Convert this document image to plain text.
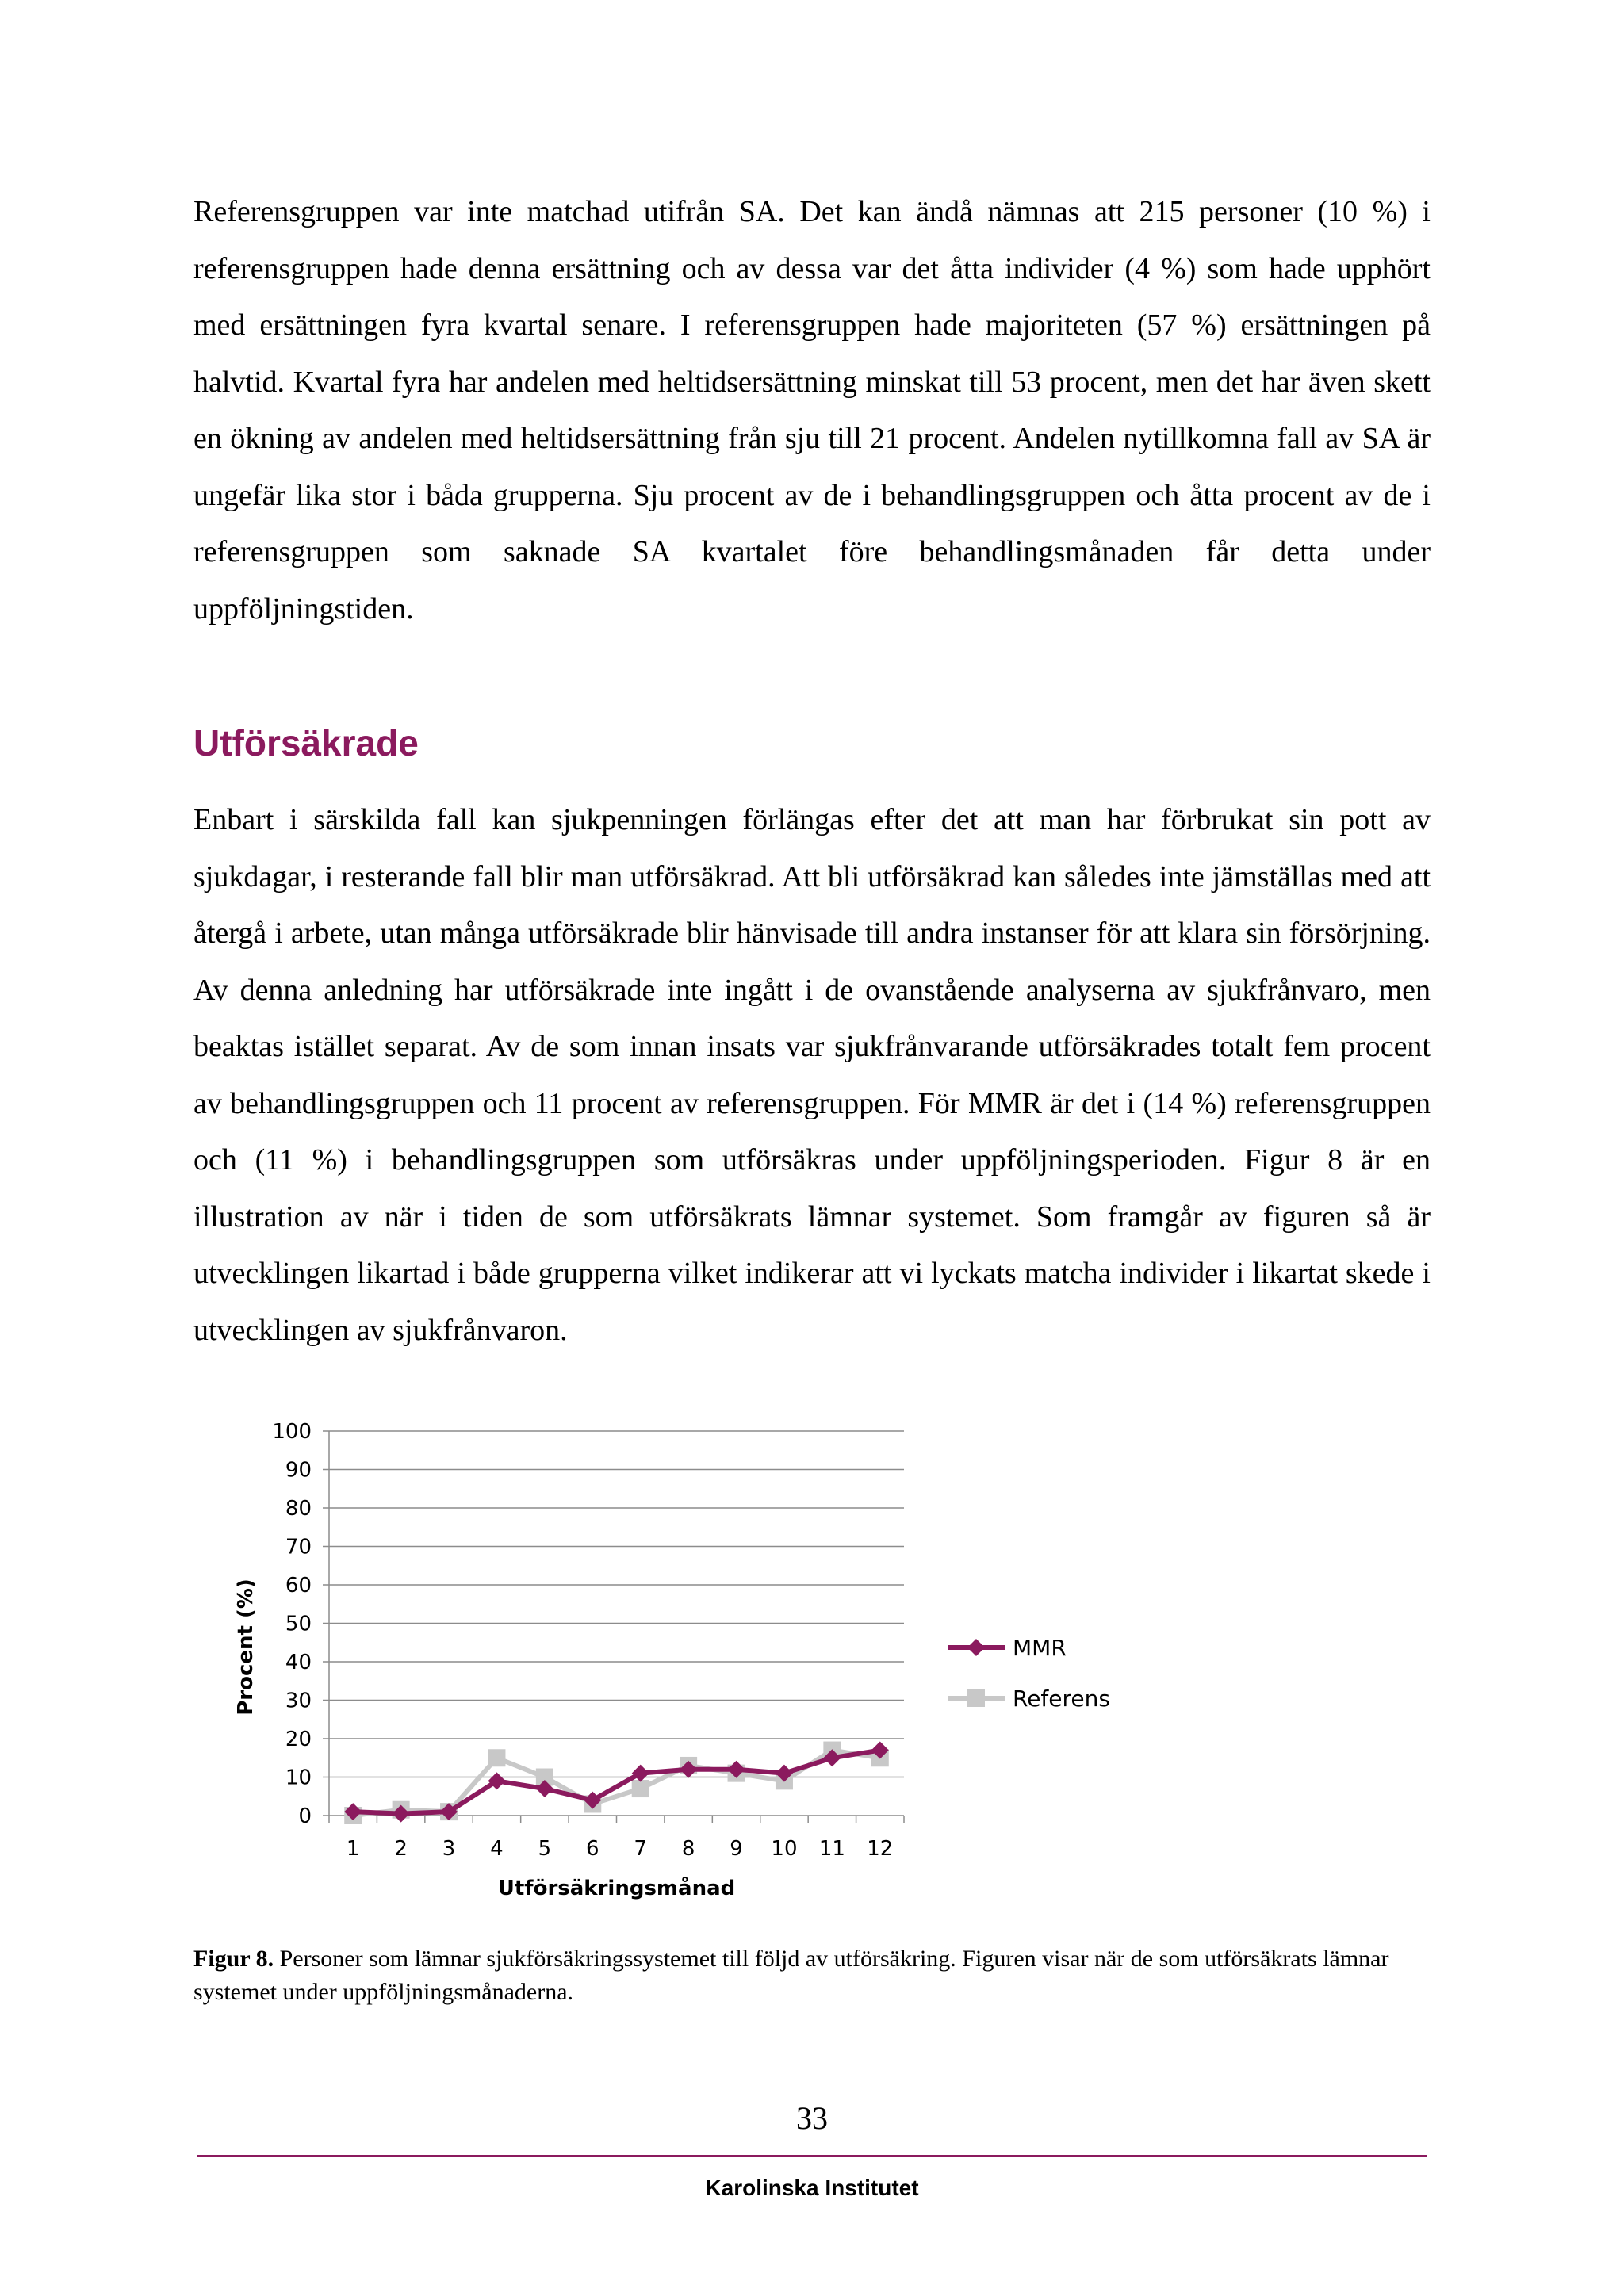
Referensgruppen var inte matchad utifrån SA. Det kan ändå nämnas att 215 personer (10 %) i referensgruppen hade denna ersättning och av dessa var det åtta individer (4 %) som hade upphört med ersättningen fyra kvartal senare. I referensgruppen hade majoriteten (57 %) ersättningen på halvtid. Kvartal fyra har andelen med heltidsersättning minskat till 53 procent, men det har även skett en ökning av andelen med heltidsersättning från sju till 21 procent. Andelen nytillkomna fall av SA är ungefär lika stor i båda grupperna. Sju procent av de i behandlingsgruppen och åtta procent av de i referensgruppen som saknade SA kvartalet före behandlingsmånaden får detta under uppföljningstiden.

Utförsäkrade

Enbart i särskilda fall kan sjukpenningen förlängas efter det att man har förbrukat sin pott av sjukdagar, i resterande fall blir man utförsäkrad. Att bli utförsäkrad kan således inte jämställas med att återgå i arbete, utan många utförsäkrade blir hänvisade till andra instanser för att klara sin försörjning. Av denna anledning har utförsäkrade inte ingått i de ovanstående analyserna av sjukfrånvaro, men beaktas istället separat. Av de som innan insats var sjukfrånvarande utförsäkrades totalt fem procent av behandlingsgruppen och 11 procent av referensgruppen. För MMR är det i (14 %) referensgruppen och (11 %) i behandlingsgruppen som utförsäkras under uppföljningsperioden. Figur 8 är en illustration av när i tiden de som utförsäkrats lämnar systemet. Som framgår av figuren så är utvecklingen likartad i både grupperna vilket indikerar att vi lyckats matcha individer i likartat skede i utvecklingen av sjukfrånvaron.

0
10
20
30
40
50
60
70
80
90
100
1 2 3 4 5 6 7 8 9 10 11 12
Utförsäkringsmånad
Procent (%)	MMR
Referens

Figur 8. Personer som lämnar sjukförsäkringssystemet till följd av utförsäkring. Figuren visar när de som utförsäkrats lämnar systemet under uppföljningsmånaderna.

33
Karolinska Institutet
